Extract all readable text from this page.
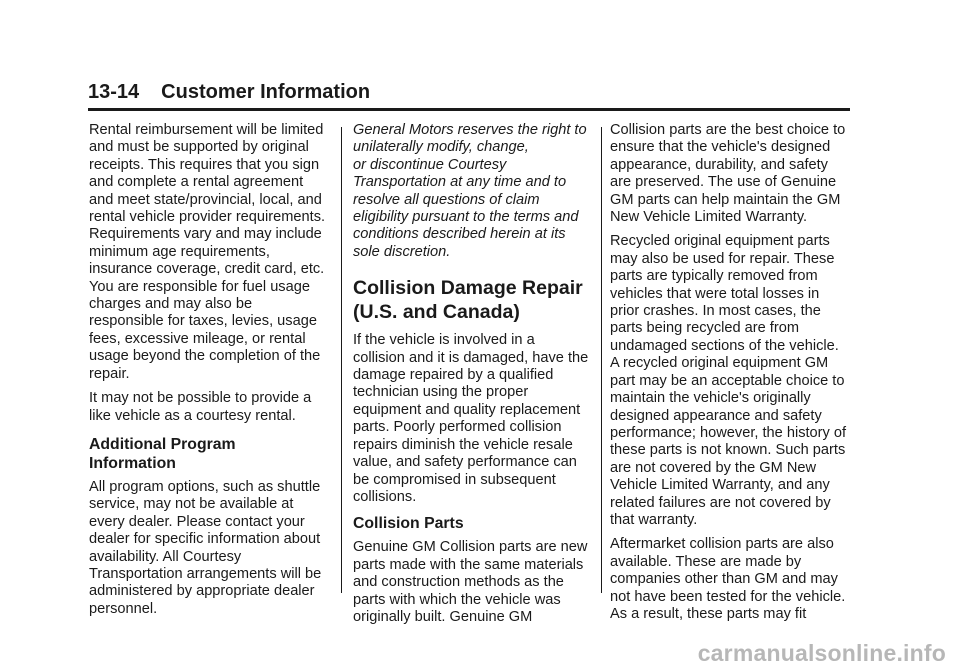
13-14 Customer Information

Rental reimbursement will be limited
and must be supported by original
receipts. This requires that you sign
and complete a rental agreement
and meet state/provincial, local, and
rental vehicle provider requirements.
Requirements vary and may include
minimum age requirements,
insurance coverage, credit card, etc.
You are responsible for fuel usage
charges and may also be
responsible for taxes, levies, usage
fees, excessive mileage, or rental
usage beyond the completion of the
repair.

It may not be possible to provide a
like vehicle as a courtesy rental.

Additional Program
Information

All program options, such as shuttle
service, may not be available at
every dealer. Please contact your
dealer for specific information about
availability. All Courtesy
Transportation arrangements will be
administered by appropriate dealer
personnel.

General Motors reserves the right to
unilaterally modify, change,
or discontinue Courtesy
Transportation at any time and to
resolve all questions of claim
eligibility pursuant to the terms and
conditions described herein at its
sole discretion.

Collision Damage Repair
(U.S. and Canada)

If the vehicle is involved in a
collision and it is damaged, have the
damage repaired by a qualified
technician using the proper
equipment and quality replacement
parts. Poorly performed collision
repairs diminish the vehicle resale
value, and safety performance can
be compromised in subsequent
collisions.

Collision Parts

Genuine GM Collision parts are new
parts made with the same materials
and construction methods as the
parts with which the vehicle was
originally built. Genuine GM

Collision parts are the best choice to
ensure that the vehicle's designed
appearance, durability, and safety
are preserved. The use of Genuine
GM parts can help maintain the GM
New Vehicle Limited Warranty.

Recycled original equipment parts
may also be used for repair. These
parts are typically removed from
vehicles that were total losses in
prior crashes. In most cases, the
parts being recycled are from
undamaged sections of the vehicle.
A recycled original equipment GM
part may be an acceptable choice to
maintain the vehicle's originally
designed appearance and safety
performance; however, the history of
these parts is not known. Such parts
are not covered by the GM New
Vehicle Limited Warranty, and any
related failures are not covered by
that warranty.

Aftermarket collision parts are also
available. These are made by
companies other than GM and may
not have been tested for the vehicle.
As a result, these parts may fit

carmanualsonline.info
